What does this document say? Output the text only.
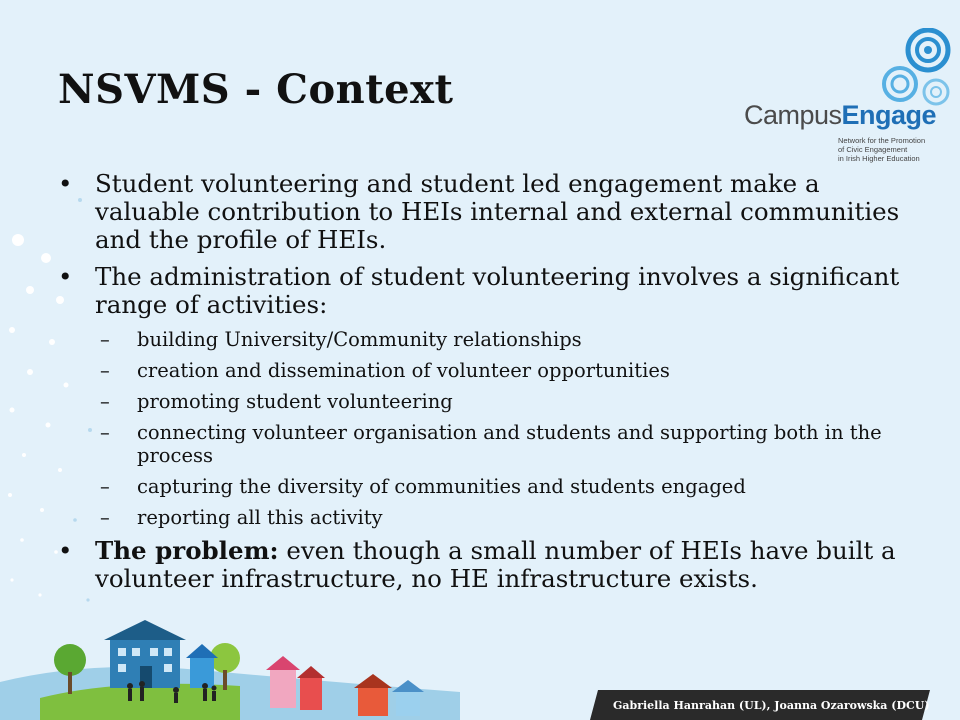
CampusEngage
Network for the Promotion
of Civic Engagement
in Irish Higher Education
NSVMS - Context
• Student volunteering and student led engagement make a valuable contribution to HEIs internal and external communities and the profile of HEIs.
• The administration of student volunteering involves a significant range of activities:
– building University/Community relationships
– creation and dissemination of volunteer opportunities
– promoting student volunteering
– connecting volunteer organisation and students and supporting both in the process
– capturing the diversity of communities and students engaged
– reporting all this activity
• The problem: even though a small number of HEIs have built a volunteer infrastructure, no HE infrastructure exists.
Gabriella Hanrahan (UL), Joanna Ozarowska (DCU)
